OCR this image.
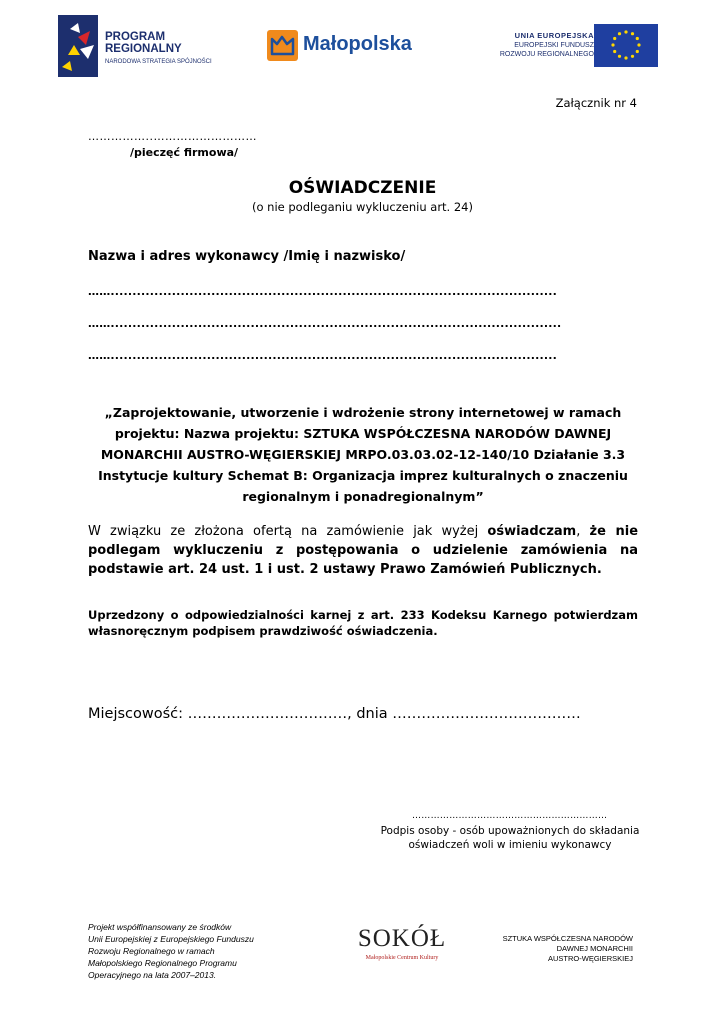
PROGRAM
REGIONALNY
NARODOWA STRATEGIA SPÓJNOŚCI
Małopolska	UNIA EUROPEJSKA
EUROPEJSKI FUNDUSZ
ROZWOJU REGIONALNEGO
Załącznik nr 4
……………..………………………
/pieczęć firmowa/
OŚWIADCZENIE
(o nie podleganiu wykluczeniu art. 24)
Nazwa i adres wykonawcy /Imię i nazwisko/
……......................................................................................................
…….......................................................................................................
……......................................................................................................
„Zaprojektowanie, utworzenie i wdrożenie strony internetowej w ramach
projektu: Nazwa projektu: SZTUKA WSPÓŁCZESNA NARODÓW DAWNEJ
MONARCHII AUSTRO-WĘGIERSKIEJ MRPO.03.03.02-12-140/10 Działanie 3.3
Instytucje kultury Schemat B: Organizacja imprez kulturalnych o znaczeniu
regionalnym i ponadregionalnym”
W związku ze złożona ofertą na zamówienie jak wyżej oświadczam, że nie podlegam wykluczeniu z postępowania o udzielenie zamówienia na podstawie art. 24 ust. 1 i ust. 2 ustawy Prawo Zamówień Publicznych.
Uprzedzony o odpowiedzialności karnej z art. 233 Kodeksu Karnego potwierdzam własnoręcznym podpisem prawdziwość oświadczenia.
Miejscowość: ……………………………, dnia …………………………………
………………………………………………………
Podpis osoby - osób upoważnionych do składania
oświadczeń woli w imieniu wykonawcy
Projekt współfinansowany ze środków
Unii Europejskiej z Europejskiego Funduszu
Rozwoju Regionalnego w ramach
Małopolskiego Regionalnego Programu
Operacyjnego na lata 2007–2013.
SOKÓŁ
Małopolskie Centrum Kultury
SZTUKA WSPÓŁCZESNA NARODÓW
DAWNEJ MONARCHII
AUSTRO-WĘGIERSKIEJ
